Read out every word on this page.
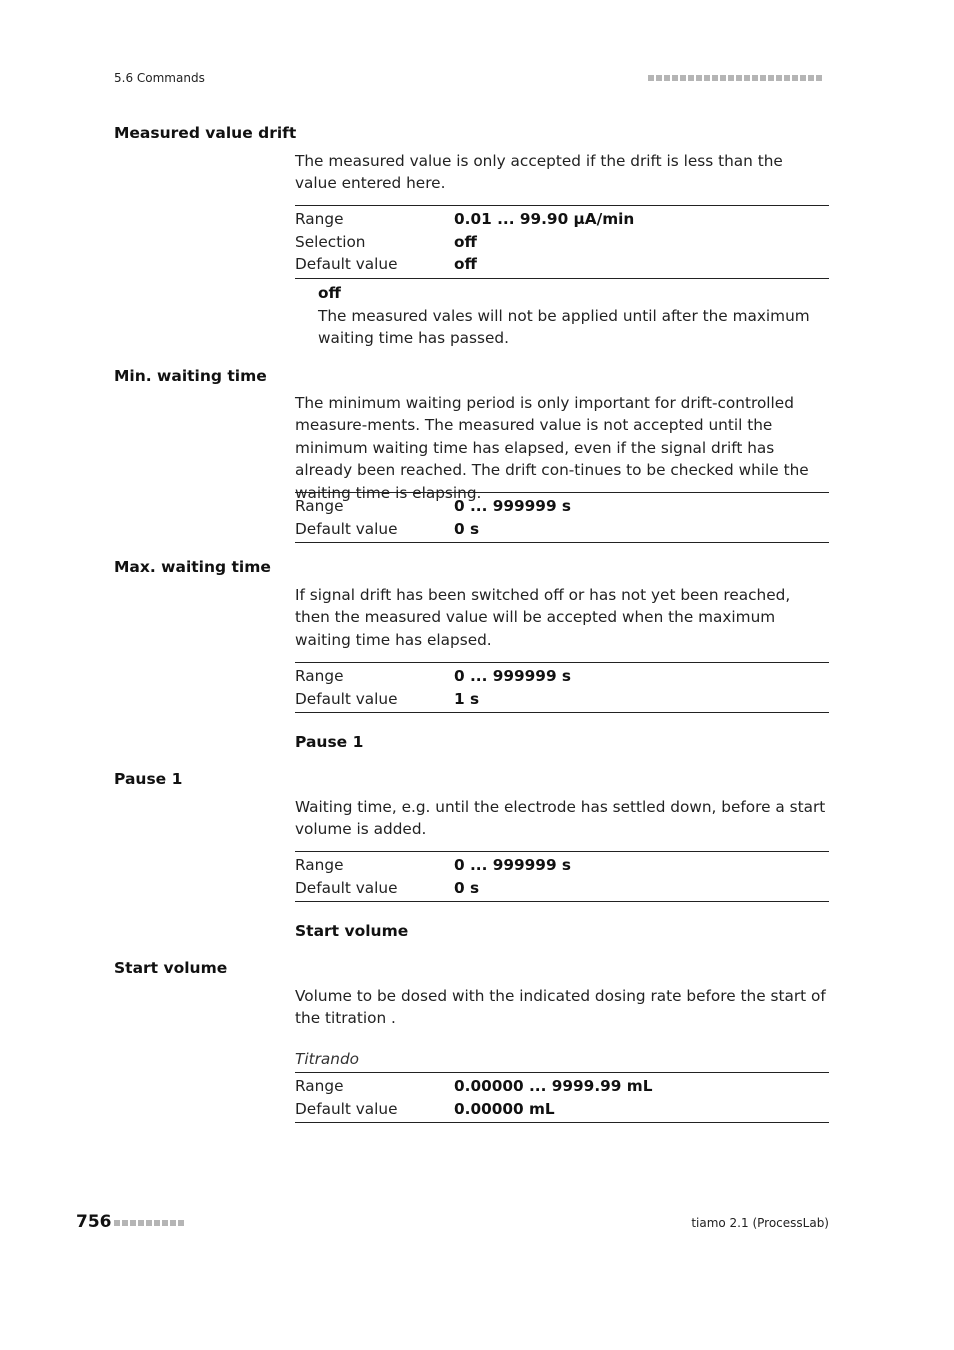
5.6 Commands
Measured value drift
The measured value is only accepted if the drift is less than the value entered here.
Range	0.01 ... 99.90 µA/min
Selection	off
Default value	off
off
The measured vales will not be applied until after the maximum waiting time has passed.
Min. waiting time
The minimum waiting period is only important for drift-controlled measure-ments. The measured value is not accepted until the minimum waiting time has elapsed, even if the signal drift has already been reached. The drift con-tinues to be checked while the waiting time is elapsing.
Range	0 ... 999999 s
Default value	0 s
Max. waiting time
If signal drift has been switched off or has not yet been reached, then the measured value will be accepted when the maximum waiting time has elapsed.
Range	0 ... 999999 s
Default value	1 s
Pause 1
Pause 1
Waiting time, e.g. until the electrode has settled down, before a start volume is added.
Range	0 ... 999999 s
Default value	0 s
Start volume
Start volume
Volume to be dosed with the indicated dosing rate before the start of the titration .
Titrando
Range	0.00000 ... 9999.99 mL
Default value	0.00000 mL
756	tiamo 2.1 (ProcessLab)
